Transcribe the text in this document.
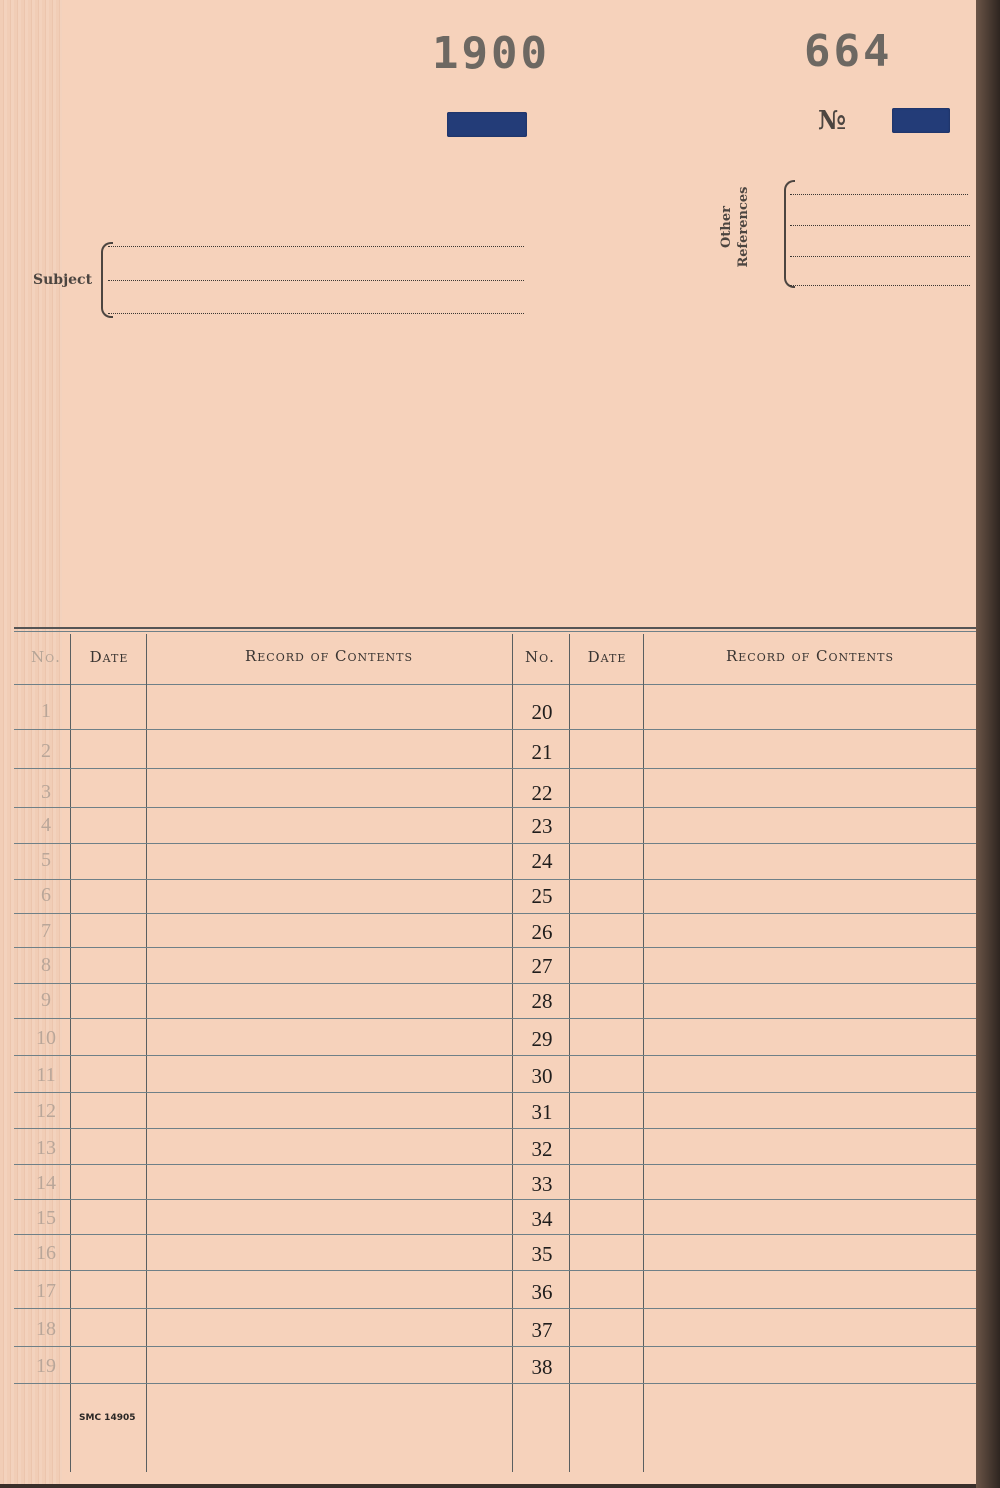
1900	664
№
Subject
Other References
SMC 14905
No.	Date	Record of Contents	No.	Date	Record of Contents
1	20
2	21
3	22
4	23
5	24
6	25
7	26
8	27
9	28
10	29
11	30
12	31
13	32
14	33
15	34
16	35
17	36
18	37
19	38
